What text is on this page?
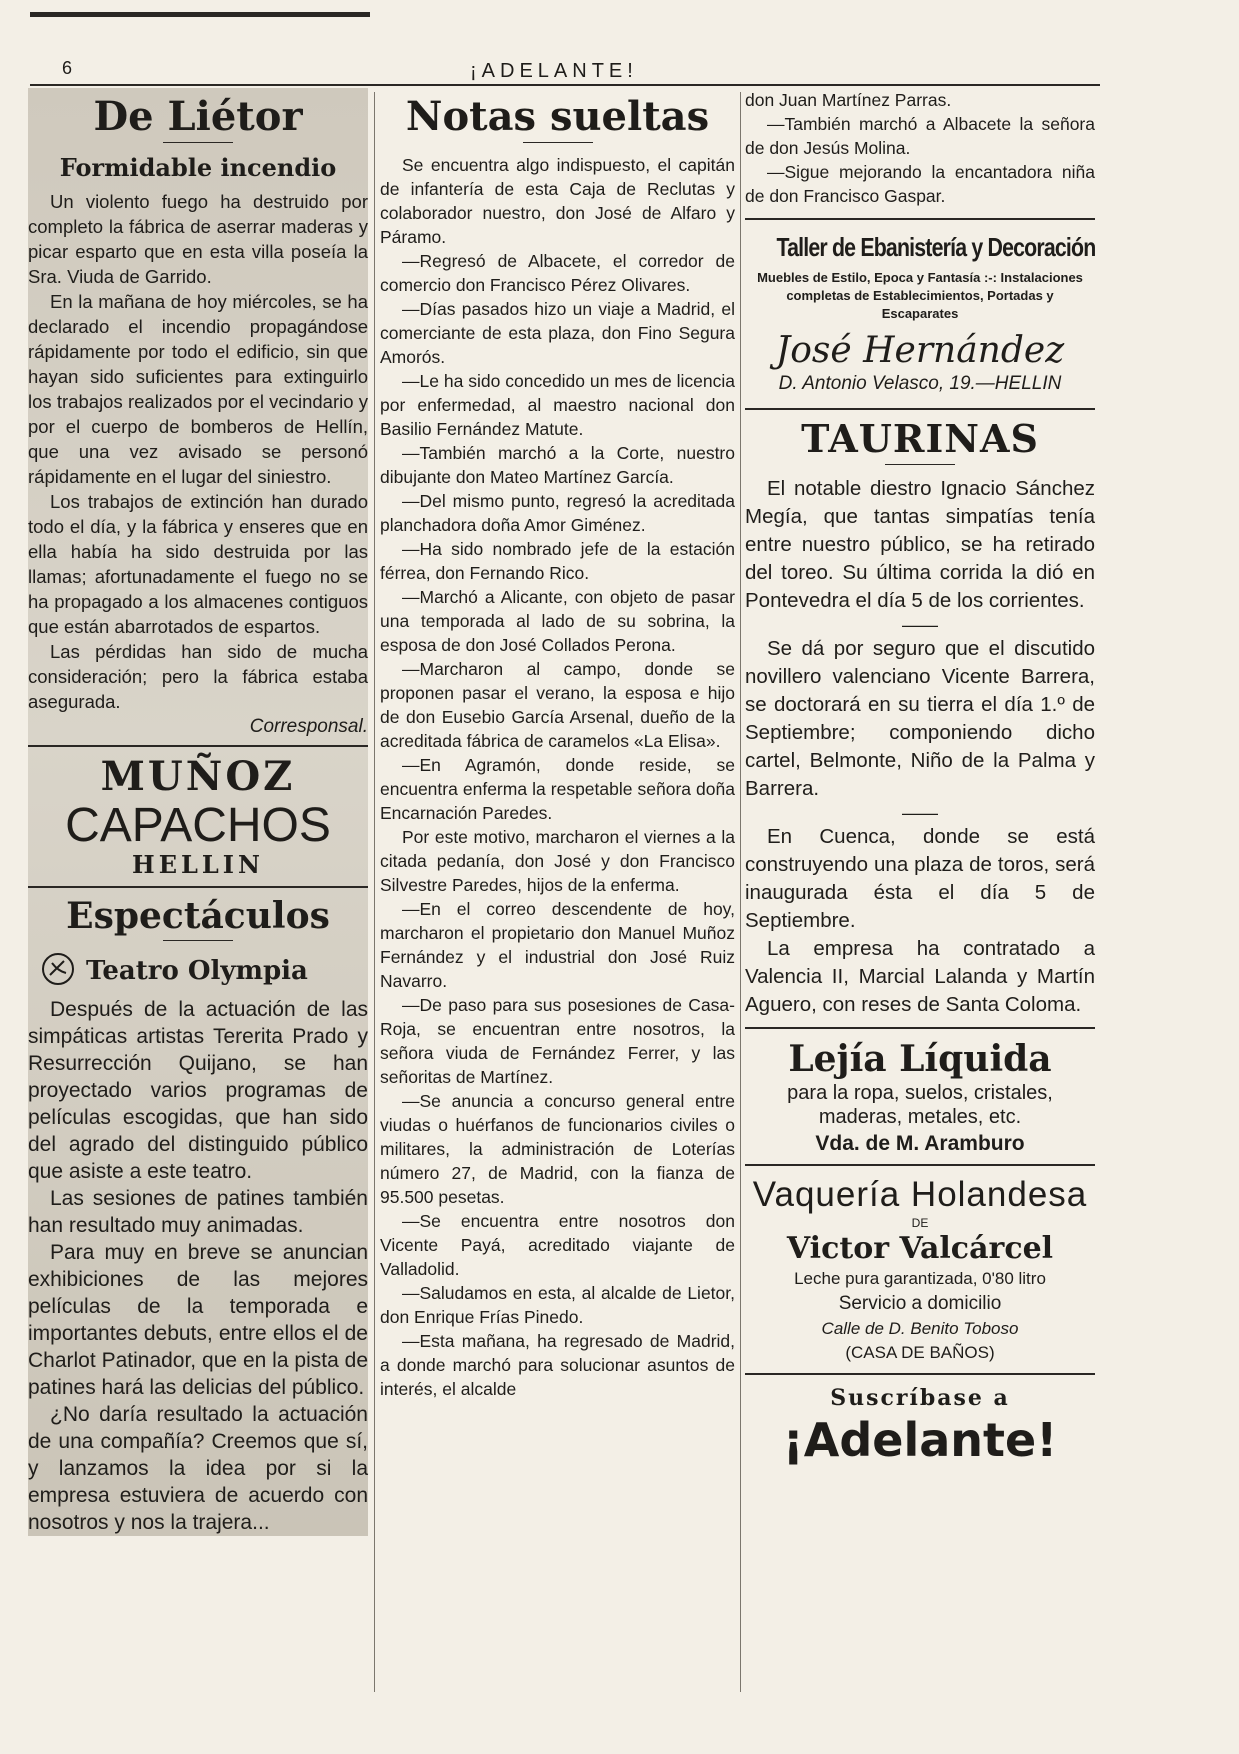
6	¡ADELANTE!
De Liétor
Formidable incendio

Un violento fuego ha destruido por completo la fábrica de aserrar maderas y picar esparto que en esta villa poseía la Sra. Viuda de Garrido.

En la mañana de hoy miércoles, se ha declarado el incendio propagándose rápidamente por todo el edificio, sin que hayan sido suficientes para extinguirlo los trabajos realizados por el vecindario y por el cuerpo de bomberos de Hellín, que una vez avisado se personó rápidamente en el lugar del siniestro.

Los trabajos de extinción han durado todo el día, y la fábrica y enseres que en ella había ha sido destruida por las llamas; afortunadamente el fuego no se ha propagado a los almacenes contiguos que están abarrotados de espartos.

Las pérdidas han sido de mucha consideración; pero la fábrica estaba asegurada.

Corresponsal.

MUÑOZ
CAPACHOS
HELLIN
Espectáculos
Teatro Olympia

Después de la actuación de las simpáticas artistas Tererita Prado y Resurrección Quijano, se han proyectado varios programas de películas escogidas, que han sido del agrado del distinguido público que asiste a este teatro.

Las sesiones de patines también han resultado muy animadas.

Para muy en breve se anuncian exhibiciones de las mejores películas de la temporada e importantes debuts, entre ellos el de Charlot Patinador, que en la pista de patines hará las delicias del público.

¿No daría resultado la actuación de una compañía? Creemos que sí, y lanzamos la idea por si la empresa estuviera de acuerdo con nosotros y nos la trajera...

Notas sueltas

Se encuentra algo indispuesto, el capitán de infantería de esta Caja de Reclutas y colaborador nuestro, don José de Alfaro y Páramo.

—Regresó de Albacete, el corredor de comercio don Francisco Pérez Olivares.

—Días pasados hizo un viaje a Madrid, el comerciante de esta plaza, don Fino Segura Amorós.

—Le ha sido concedido un mes de licencia por enfermedad, al maestro nacional don Basilio Fernández Matute.

—También marchó a la Corte, nuestro dibujante don Mateo Martínez García.

—Del mismo punto, regresó la acreditada planchadora doña Amor Giménez.

—Ha sido nombrado jefe de la estación férrea, don Fernando Rico.

—Marchó a Alicante, con objeto de pasar una temporada al lado de su sobrina, la esposa de don José Collados Perona.

—Marcharon al campo, donde se proponen pasar el verano, la esposa e hijo de don Eusebio García Arsenal, dueño de la acreditada fábrica de caramelos «La Elisa».

—En Agramón, donde reside, se encuentra enferma la respetable señora doña Encarnación Paredes.

Por este motivo, marcharon el viernes a la citada pedanía, don José y don Francisco Silvestre Paredes, hijos de la enferma.

—En el correo descendente de hoy, marcharon el propietario don Manuel Muñoz Fernández y el industrial don José Ruiz Navarro.

—De paso para sus posesiones de Casa-Roja, se encuentran entre nosotros, la señora viuda de Fernández Ferrer, y las señoritas de Martínez.

—Se anuncia a concurso general entre viudas o huérfanos de funcionarios civiles o militares, la administración de Loterías número 27, de Madrid, con la fianza de 95.500 pesetas.

—Se encuentra entre nosotros don Vicente Payá, acreditado viajante de Valladolid.

—Saludamos en esta, al alcalde de Lietor, don Enrique Frías Pinedo.

—Esta mañana, ha regresado de Madrid, a donde marchó para solucionar asuntos de interés, el alcalde

don Juan Martínez Parras.

—También marchó a Albacete la señora de don Jesús Molina.

—Sigue mejorando la encantadora niña de don Francisco Gaspar.

Taller de Ebanistería y Decoración
Muebles de Estilo, Epoca y Fantasía :-: Instalaciones completas de Establecimientos, Portadas y Escaparates
José Hernández
D. Antonio Velasco, 19.—HELLIN
TAURINAS

El notable diestro Ignacio Sánchez Megía, que tantas simpatías tenía entre nuestro público, se ha retirado del toreo. Su última corrida la dió en Pontevedra el día 5 de los corrientes.

——

Se dá por seguro que el discutido novillero valenciano Vicente Barrera, se doctorará en su tierra el día 1.º de Septiembre; componiendo dicho cartel, Belmonte, Niño de la Palma y Barrera.

——

En Cuenca, donde se está construyendo una plaza de toros, será inaugurada ésta el día 5 de Septiembre.

La empresa ha contratado a Valencia II, Marcial Lalanda y Martín Aguero, con reses de Santa Coloma.

Lejía Líquida
para la ropa, suelos, cristales,
maderas, metales, etc.
Vda. de M. Aramburo
Vaquería Holandesa
DE
Victor Valcárcel
Leche pura garantizada, 0'80 litro
Servicio a domicilio
Calle de D. Benito Toboso
(CASA DE BAÑOS)
Suscríbase a
¡Adelante!
